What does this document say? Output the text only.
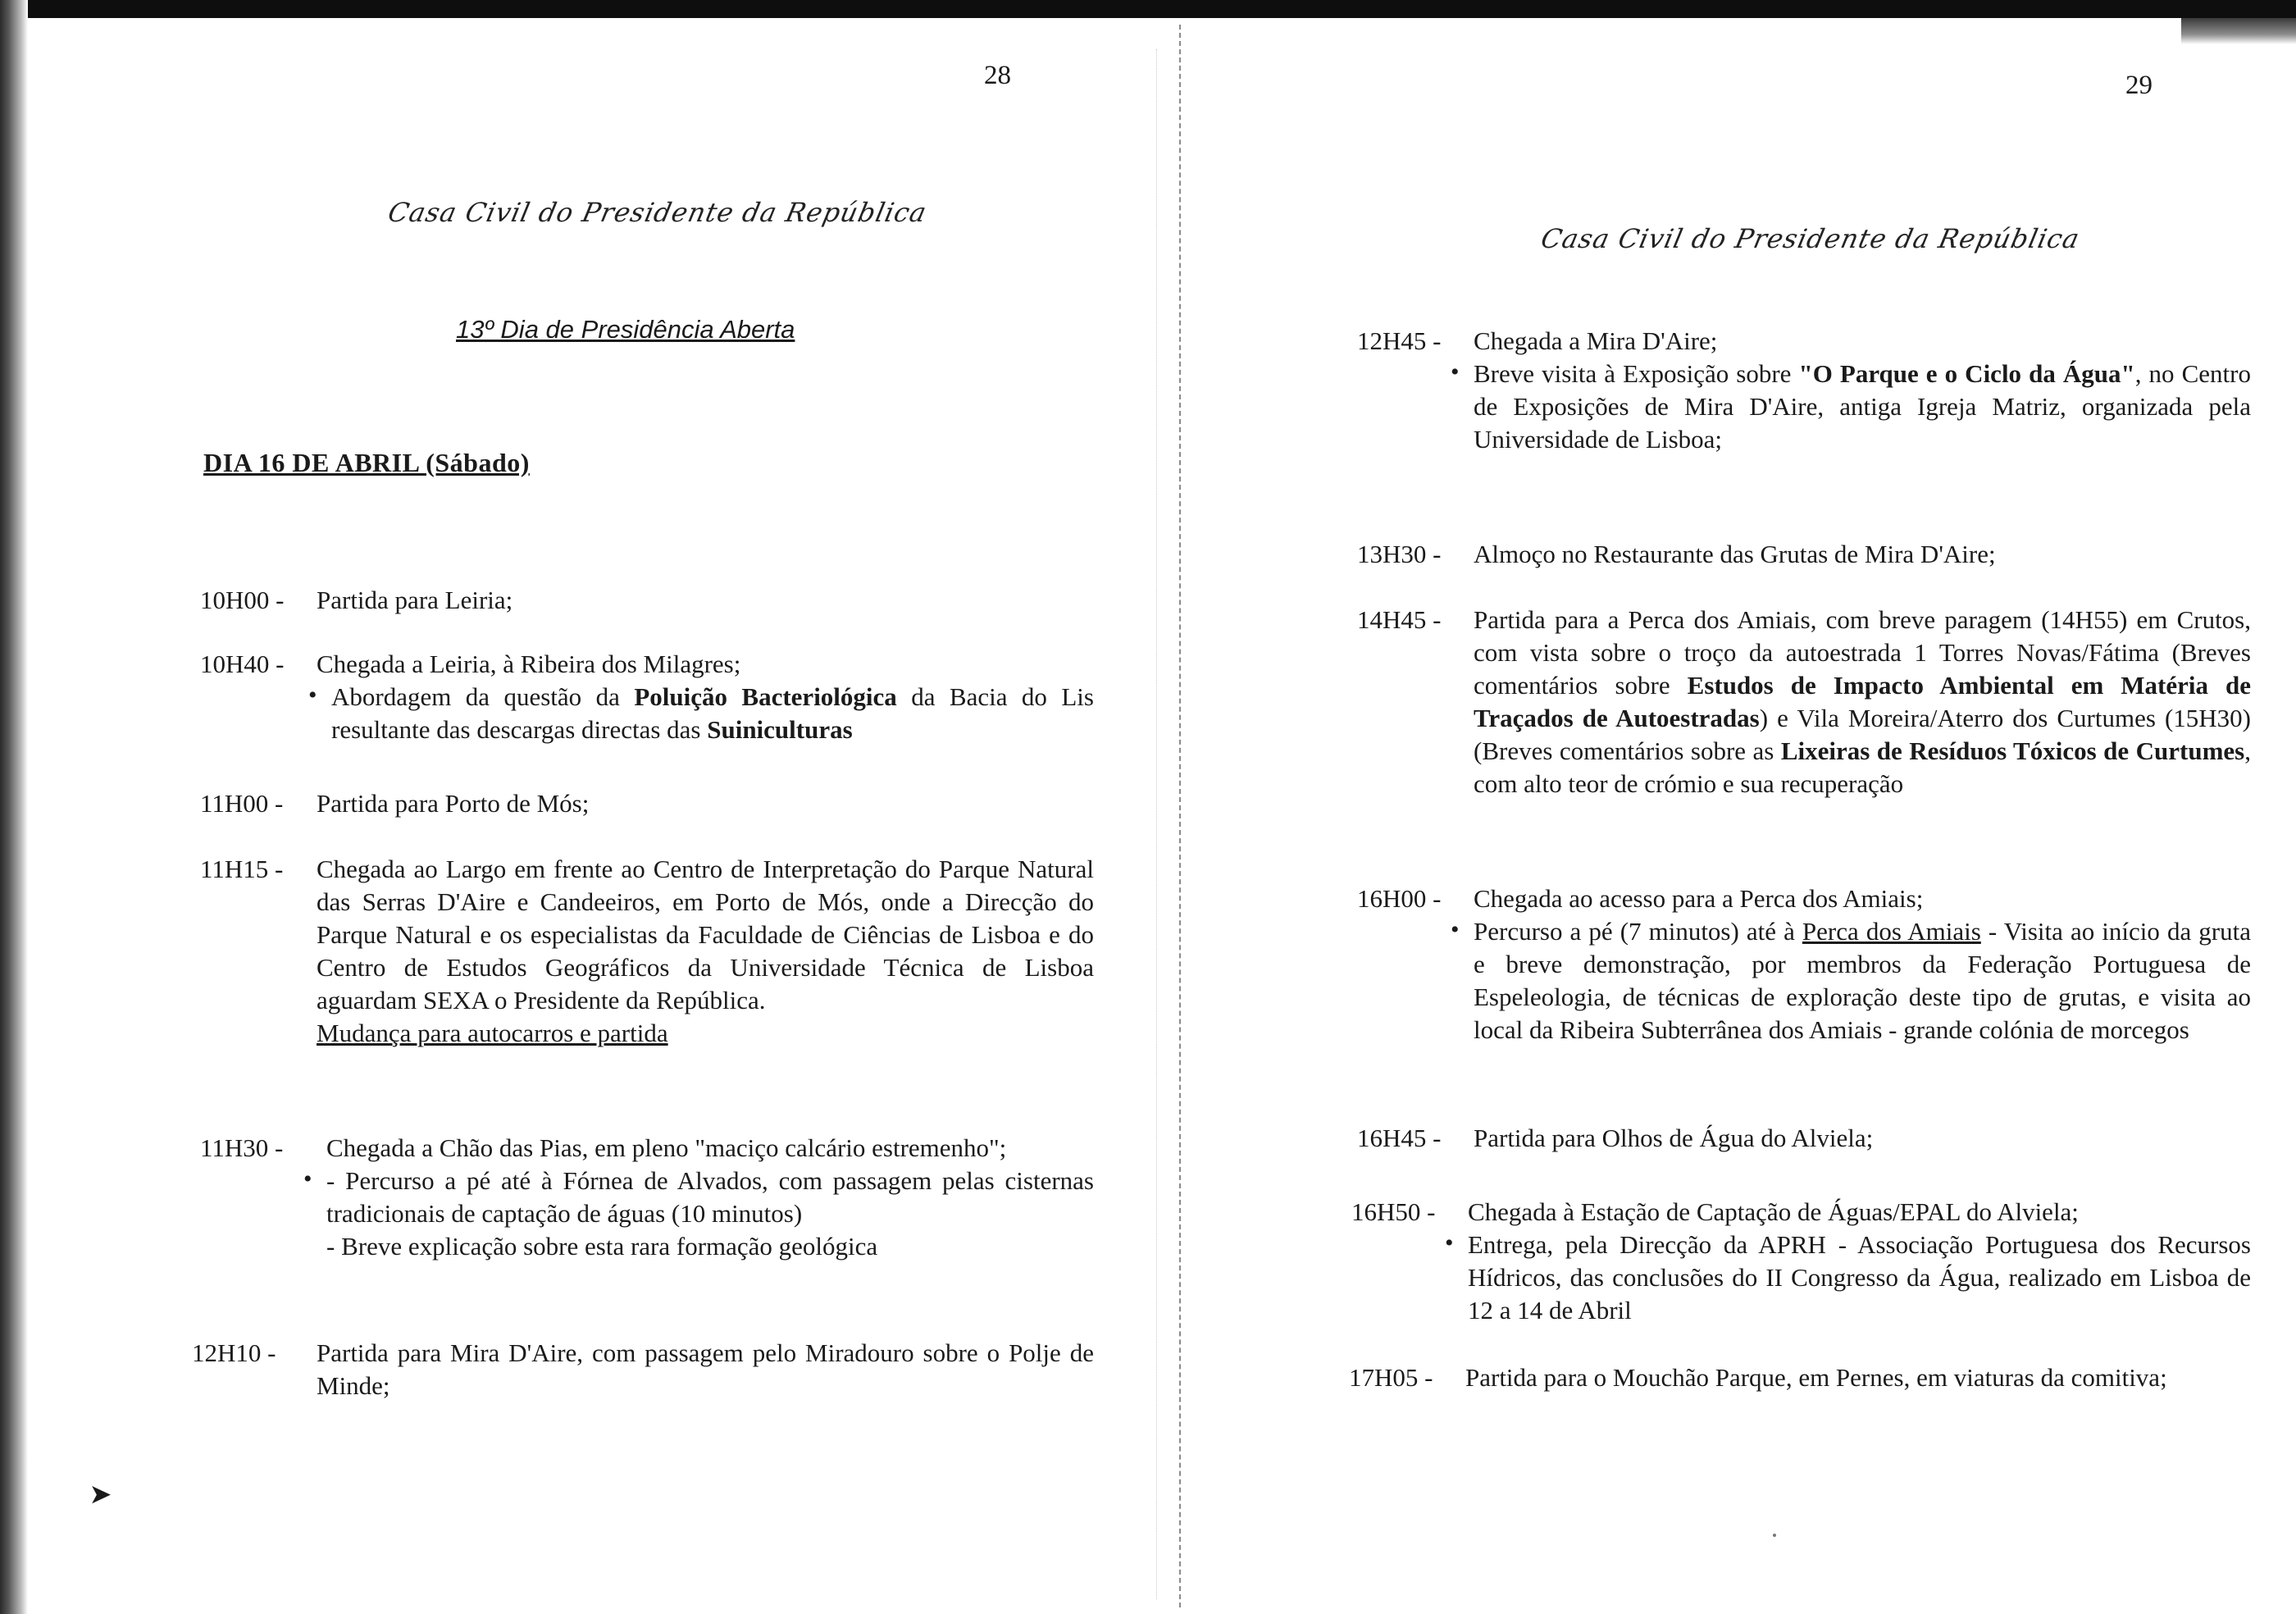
➤
28
Casa Civil do Presidente da República
13º Dia de Presidência Aberta
DIA 16 DE ABRIL (Sábado)
10H00 - Partida para Leiria;
10H40 - Chegada a Leiria, à Ribeira dos Milagres;
• Abordagem da questão da Poluição Bacteriológica da Bacia do Lis resultante das descargas directas das Suiniculturas
11H00 - Partida para Porto de Mós;
11H15 - Chegada ao Largo em frente ao Centro de Interpretação do Parque Natural das Serras D'Aire e Candeeiros, em Porto de Mós, onde a Direcção do Parque Natural e os especialistas da Faculdade de Ciências de Lisboa e do Centro de Estudos Geográficos da Universidade Técnica de Lisboa aguardam SEXA o Presidente da República.
Mudança para autocarros e partida
11H30 - Chegada a Chão das Pias, em pleno "maciço calcário estremenho";
• - Percurso a pé até à Fórnea de Alvados, com passagem pelas cisternas tradicionais de captação de águas (10 minutos)
- Breve explicação sobre esta rara formação geológica
12H10 - Partida para Mira D'Aire, com passagem pelo Miradouro sobre o Polje de Minde;
29
Casa Civil do Presidente da República
12H45 - Chegada a Mira D'Aire;
• Breve visita à Exposição sobre "O Parque e o Ciclo da Água", no Centro de Exposições de Mira D'Aire, antiga Igreja Matriz, organizada pela Universidade de Lisboa;
13H30 - Almoço no Restaurante das Grutas de Mira D'Aire;
14H45 - Partida para a Perca dos Amiais, com breve paragem (14H55) em Crutos, com vista sobre o troço da autoestrada 1 Torres Novas/Fátima (Breves comentários sobre Estudos de Impacto Ambiental em Matéria de Traçados de Autoestradas) e Vila Moreira/Aterro dos Curtumes (15H30) (Breves comentários sobre as Lixeiras de Resíduos Tóxicos de Curtumes, com alto teor de crómio e sua recuperação
16H00 - Chegada ao acesso para a Perca dos Amiais;
• Percurso a pé (7 minutos) até à Perca dos Amiais - Visita ao início da gruta e breve demonstração, por membros da Federação Portuguesa de Espeleologia, de técnicas de exploração deste tipo de grutas, e visita ao local da Ribeira Subterrânea dos Amiais - grande colónia de morcegos
16H45 - Partida para Olhos de Água do Alviela;
16H50 - Chegada à Estação de Captação de Águas/EPAL do Alviela;
• Entrega, pela Direcção da APRH - Associação Portuguesa dos Recursos Hídricos, das conclusões do II Congresso da Água, realizado em Lisboa de 12 a 14 de Abril
17H05 - Partida para o Mouchão Parque, em Pernes, em viaturas da comitiva;
